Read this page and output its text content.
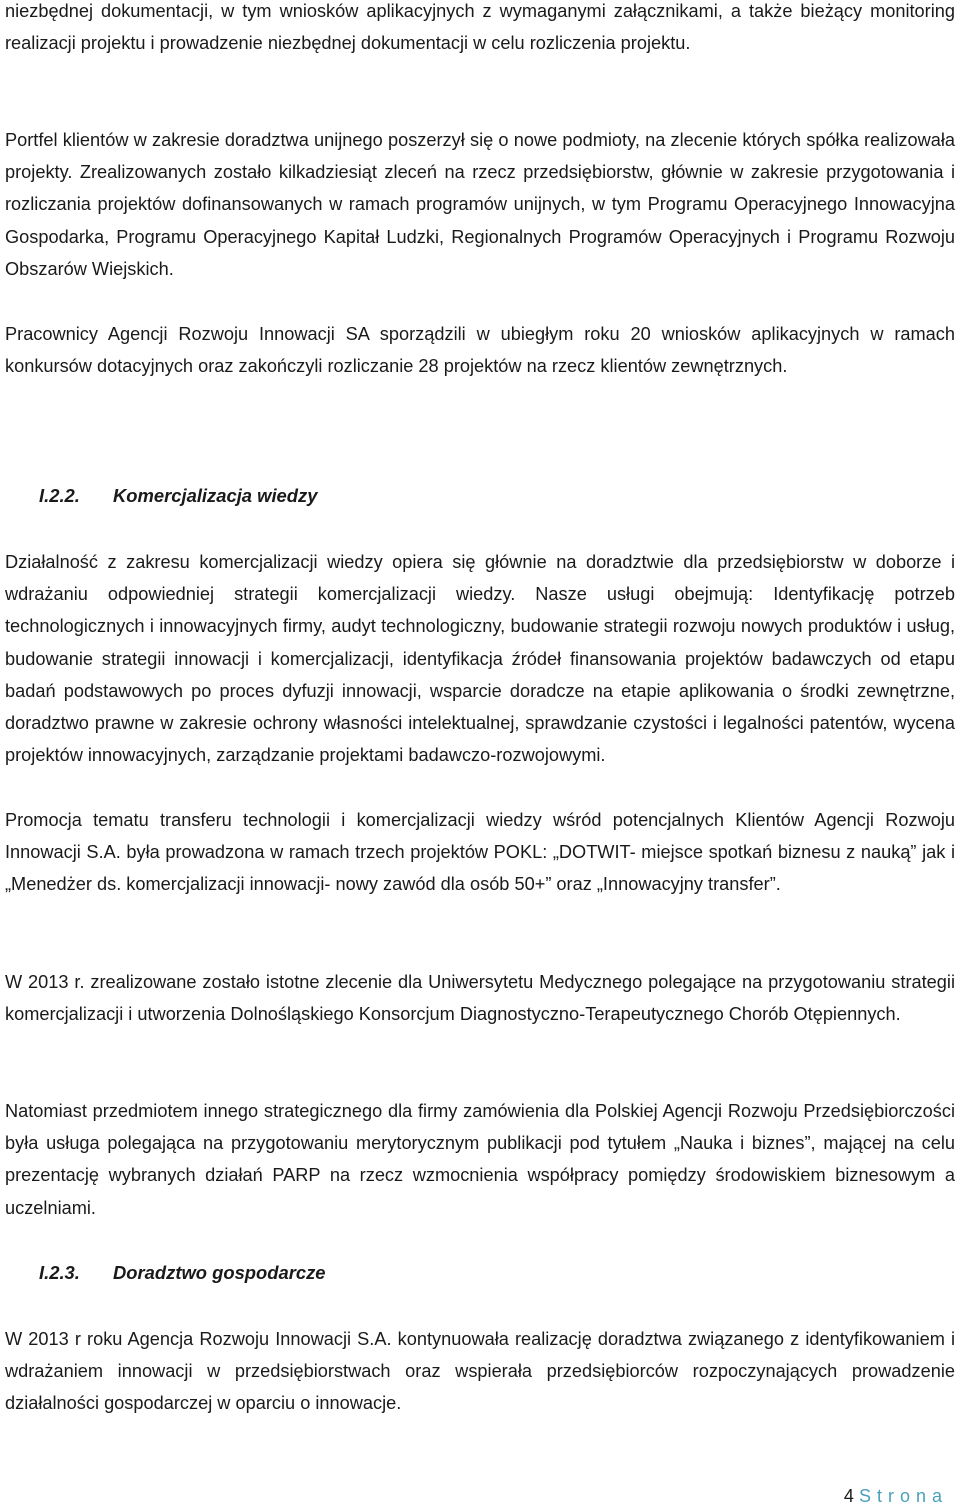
niezbędnej dokumentacji, w tym wniosków aplikacyjnych z wymaganymi załącznikami, a także bieżący monitoring realizacji projektu i prowadzenie niezbędnej dokumentacji w celu rozliczenia projektu.

Portfel klientów w zakresie doradztwa unijnego poszerzył się o nowe podmioty, na zlecenie których spółka realizowała projekty. Zrealizowanych zostało kilkadziesiąt zleceń na rzecz przedsiębiorstw, głównie w zakresie przygotowania i rozliczania projektów dofinansowanych w ramach programów unijnych, w tym Programu Operacyjnego Innowacyjna Gospodarka, Programu Operacyjnego Kapitał Ludzki, Regionalnych Programów Operacyjnych i Programu Rozwoju Obszarów Wiejskich.

Pracownicy Agencji Rozwoju Innowacji SA sporządzili w ubiegłym roku 20 wniosków aplikacyjnych w ramach konkursów dotacyjnych oraz zakończyli rozliczanie 28 projektów na rzecz klientów zewnętrznych.

I.2.2. Komercjalizacja wiedzy

Działalność z zakresu komercjalizacji wiedzy opiera się głównie na doradztwie dla przedsiębiorstw w doborze i wdrażaniu odpowiedniej strategii komercjalizacji wiedzy. Nasze usługi obejmują: Identyfikację potrzeb technologicznych i innowacyjnych firmy, audyt technologiczny, budowanie strategii rozwoju nowych produktów i usług, budowanie strategii innowacji i komercjalizacji, identyfikacja źródeł finansowania projektów badawczych od etapu badań podstawowych po proces dyfuzji innowacji, wsparcie doradcze na etapie aplikowania o środki zewnętrzne, doradztwo prawne w zakresie ochrony własności intelektualnej, sprawdzanie czystości i legalności patentów, wycena projektów innowacyjnych, zarządzanie projektami badawczo-rozwojowymi.

Promocja tematu transferu technologii i komercjalizacji wiedzy wśród potencjalnych Klientów Agencji Rozwoju Innowacji S.A. była prowadzona w ramach trzech projektów POKL: „DOTWIT- miejsce spotkań biznesu z nauką” jak i „Menedżer ds. komercjalizacji innowacji- nowy zawód dla osób 50+” oraz „Innowacyjny transfer”.

W 2013 r. zrealizowane zostało istotne zlecenie dla Uniwersytetu Medycznego polegające na przygotowaniu strategii komercjalizacji i utworzenia Dolnośląskiego Konsorcjum Diagnostyczno-Terapeutycznego Chorób Otępiennych.

Natomiast przedmiotem innego strategicznego dla firmy zamówienia dla Polskiej Agencji Rozwoju Przedsiębiorczości była usługa polegająca na przygotowaniu merytorycznym publikacji pod tytułem „Nauka i biznes”, mającej na celu prezentację wybranych działań PARP na rzecz wzmocnienia współpracy pomiędzy środowiskiem biznesowym a uczelniami.

I.2.3. Doradztwo gospodarcze

W 2013 r roku Agencja Rozwoju Innowacji S.A. kontynuowała realizację doradztwa związanego z identyfikowaniem i wdrażaniem innowacji w przedsiębiorstwach oraz wspierała przedsiębiorców rozpoczynających prowadzenie działalności gospodarczej w oparciu o innowacje.

4 Strona
